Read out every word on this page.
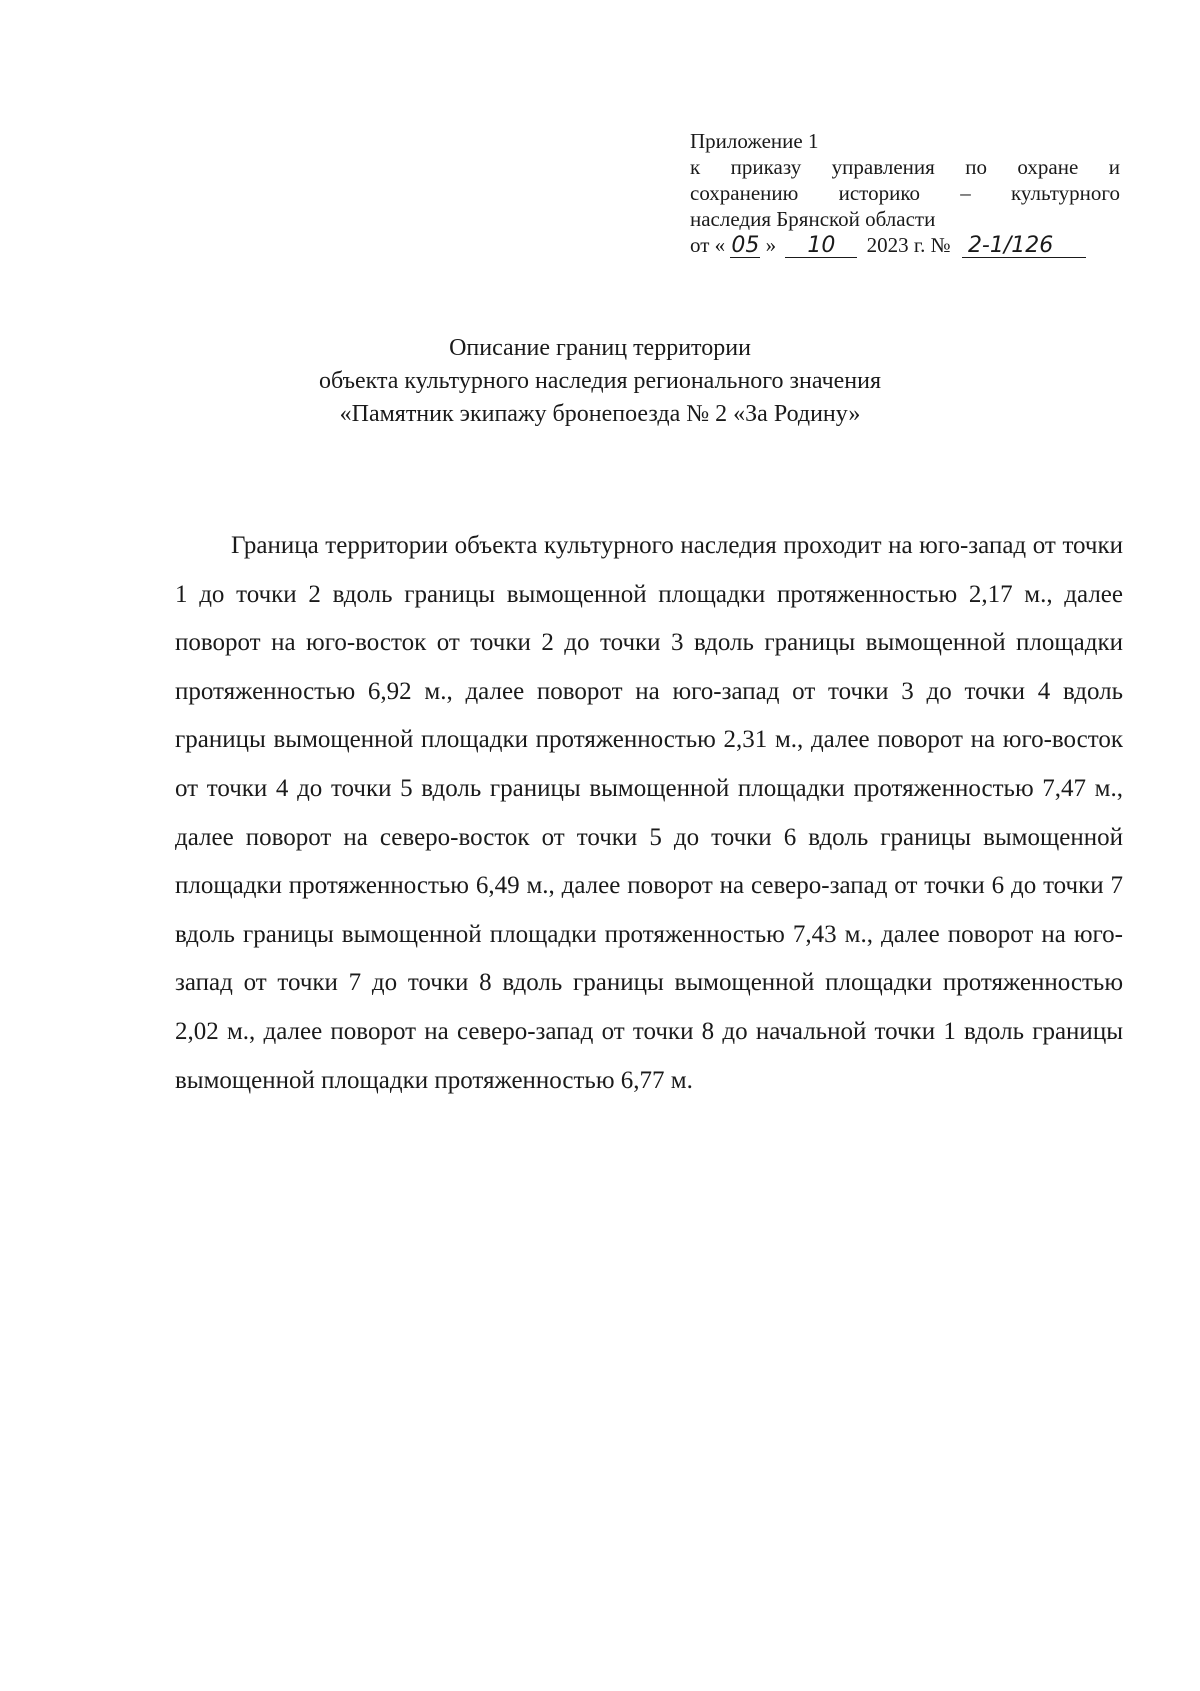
Приложение 1
к приказу управления по охране и
сохранению историко – культурного
наследия Брянской области
от « 05 » 10 2023 г. № 2-1/126
Описание границ территории
объекта культурного наследия регионального значения
«Памятник экипажу бронепоезда № 2 «За Родину»

Граница территории объекта культурного наследия проходит на юго-запад от точки 1 до точки 2 вдоль границы вымощенной площадки протяженностью 2,17 м., далее поворот на юго-восток от точки 2 до точки 3 вдоль границы вымощенной площадки протяженностью 6,92 м., далее поворот на юго-запад от точки 3 до точки 4 вдоль границы вымощенной площадки протяженностью 2,31 м., далее поворот на юго-восток от точки 4 до точки 5 вдоль границы вымощенной площадки протяженностью 7,47 м., далее поворот на северо-восток от точки 5 до точки 6 вдоль границы вымощенной площадки протяженностью 6,49 м., далее поворот на северо-запад от точки 6 до точки 7 вдоль границы вымощенной площадки протяженностью 7,43 м., далее поворот на юго-запад от точки 7 до точки 8 вдоль границы вымощенной площадки протяженностью 2,02 м., далее поворот на северо-запад от точки 8 до начальной точки 1 вдоль границы вымощенной площадки протяженностью 6,77 м.
